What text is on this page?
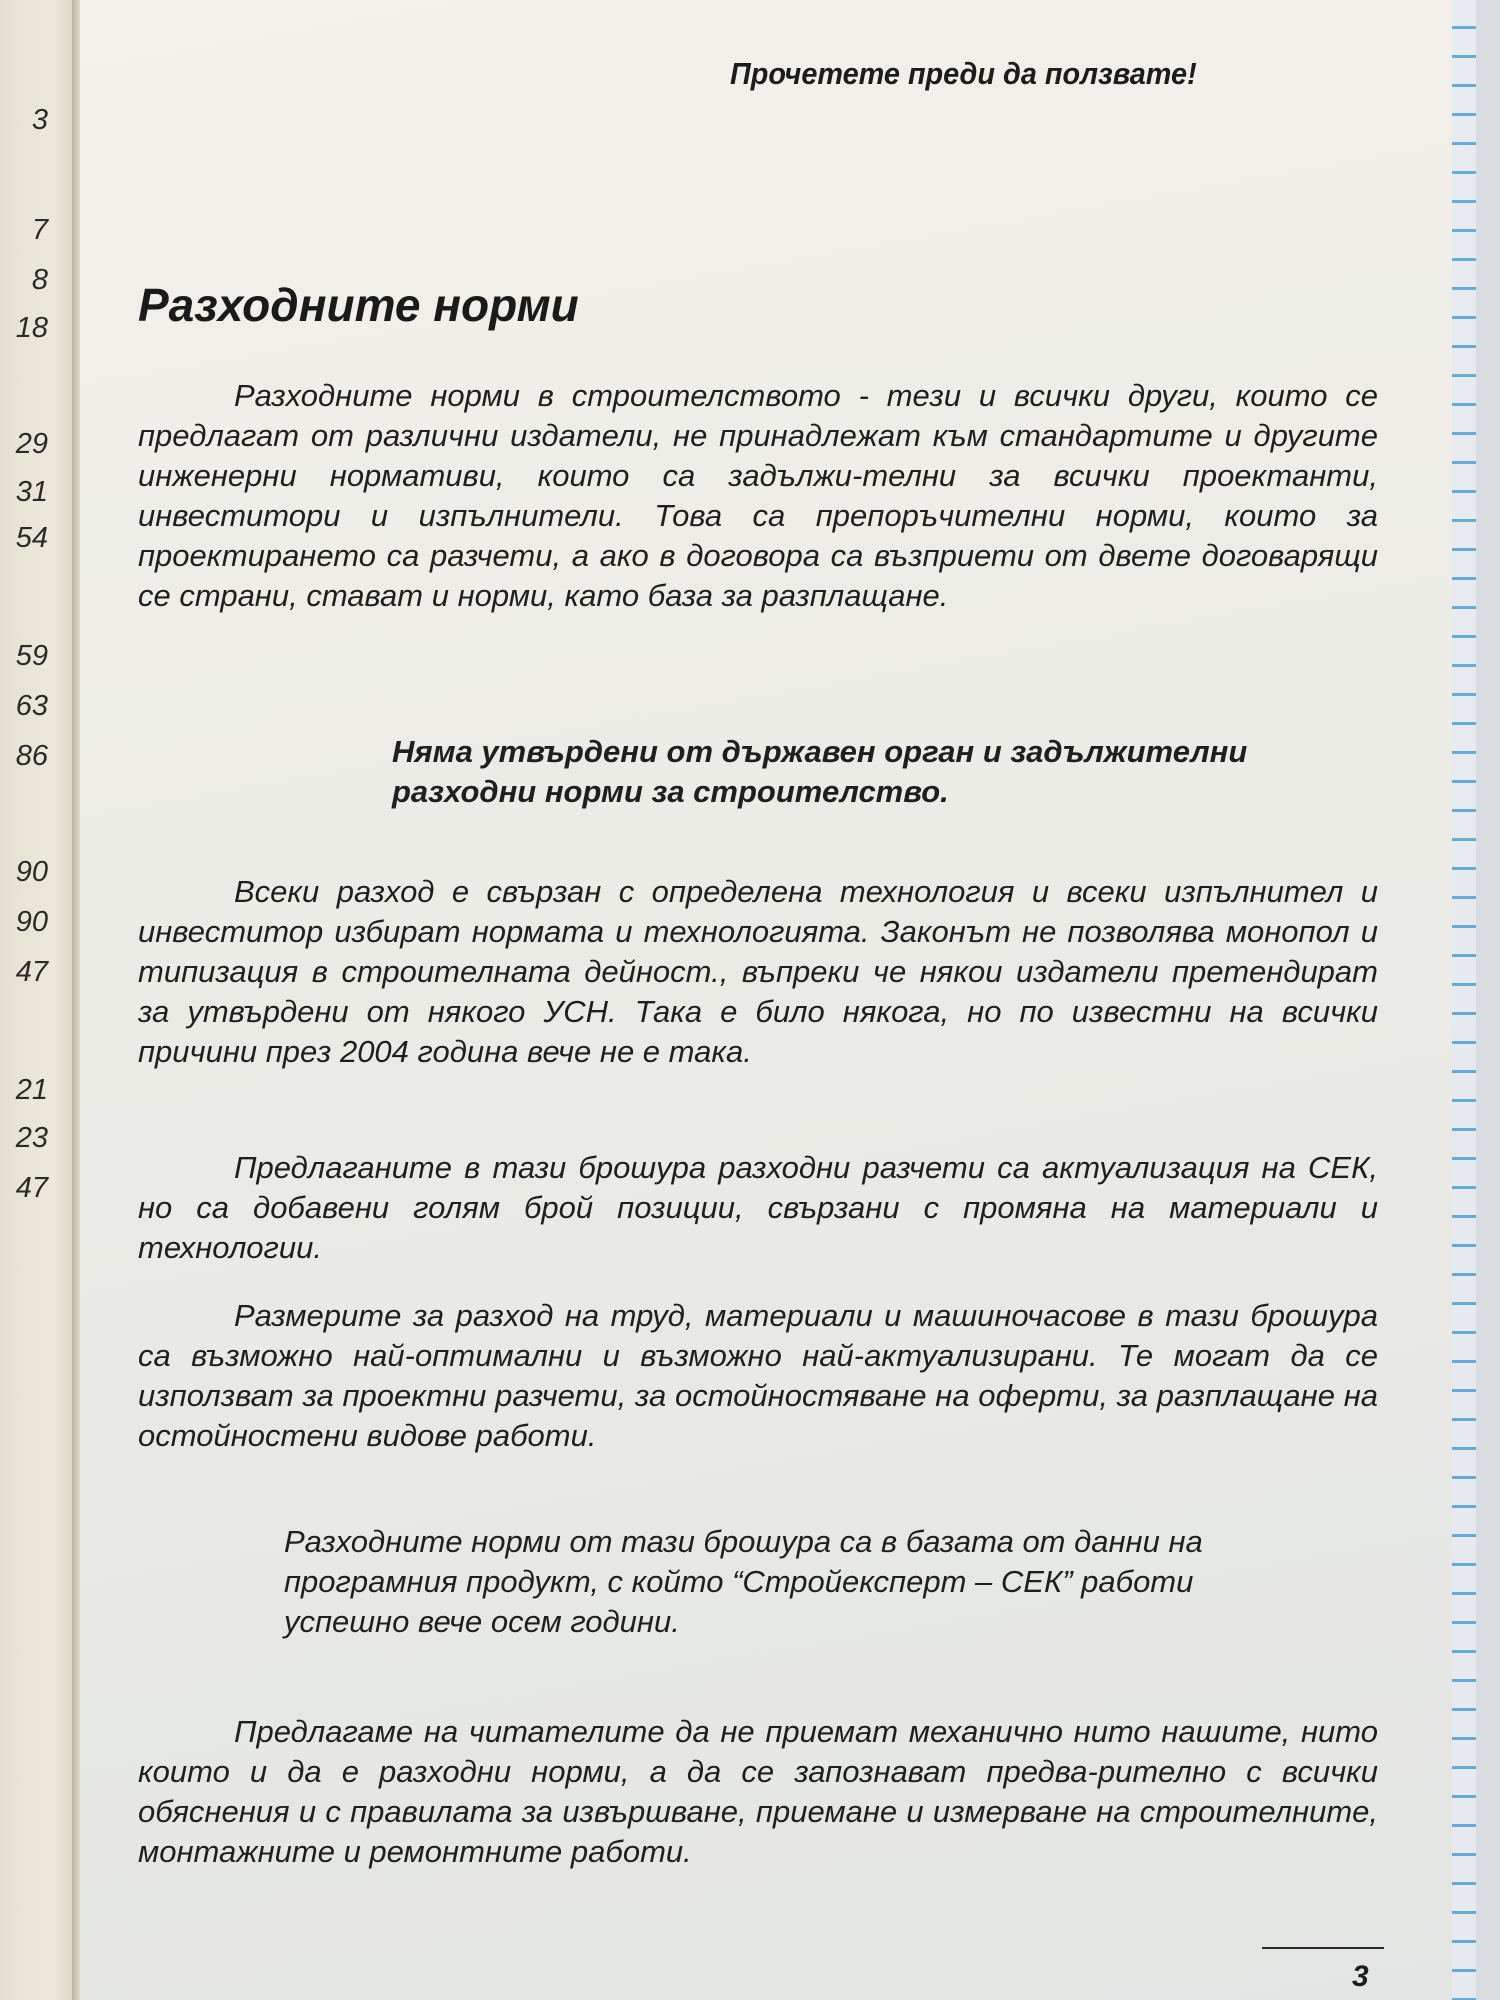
3
7
8
18
29
31
54
59
63
86
90
90
47
21
23
47
Прочетете преди да ползвате!
Разходните норми

Разходните норми в строителството - тези и всички други, които се предлагат от различни издатели, не принадлежат към стандартите и другите инженерни нормативи, които са задължи-телни за всички проектанти, инвеститори и изпълнители. Това са препоръчителни норми, които за проектирането са разчети, а ако в договора са възприети от двете договарящи се страни, стават и норми, като база за разплащане.

Няма утвърдени от държавен орган и задължителни разходни норми за строителство.

Всеки разход е свързан с определена технология и всеки изпълнител и инвеститор избират нормата и технологията. Законът не позволява монопол и типизация в строителната дейност., въпреки че някои издатели претендират за утвърдени от някого УСН. Така е било някога, но по известни на всички причини през 2004 година вече не е така.

Предлаганите в тази брошура разходни разчети са актуализация на СЕК, но са добавени голям брой позиции, свързани с промяна на материали и технологии.

Размерите за разход на труд, материали и машиночасове в тази брошура са възможно най-оптимални и възможно най-актуализирани. Те могат да се използват за проектни разчети, за остойностяване на оферти, за разплащане на остойностени видове работи.

Разходните норми от тази брошура са в базата от данни на програмния продукт, с който “Стройексперт – СЕК” работи успешно вече осем години.

Предлагаме на читателите да не приемат механично нито нашите, нито които и да е разходни норми, а да се запознават предва-рително с всички обяснения и с правилата за извършване, приемане и измерване на строителните, монтажните и ремонтните работи.

3
